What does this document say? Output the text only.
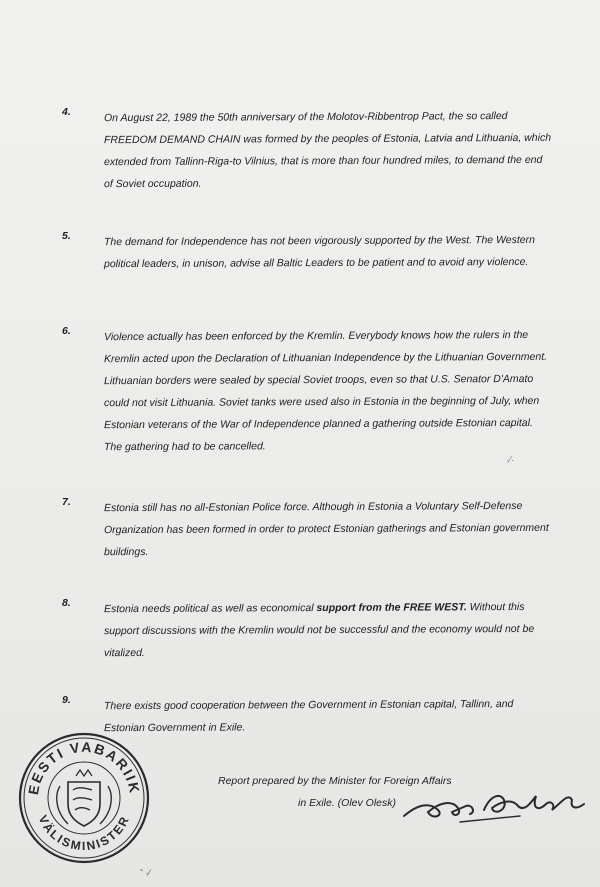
4.	On August 22, 1989 the 50th anniversary of the Molotov-Ribbentrop Pact, the so called FREEDOM DEMAND CHAIN was formed by the peoples of Estonia, Latvia and Lithuania, which extended from Tallinn-Riga-to Vilnius, that is more than four hundred miles, to demand the end of Soviet occupation.
5.	The demand for Independence has not been vigorously supported by the West. The Western political leaders, in unison, advise all Baltic Leaders to be patient and to avoid any violence.
6.	Violence actually has been enforced by the Kremlin. Everybody knows how the rulers in the Kremlin acted upon the Declaration of Lithuanian Independence by the Lithuanian Government. Lithuanian borders were sealed by special Soviet troops, even so that U.S. Senator D'Amato could not visit Lithuania. Soviet tanks were used also in Estonia in the beginning of July, when Estonian veterans of the War of Independence planned a gathering outside Estonian capital. The gathering had to be cancelled.
7.	Estonia still has no all-Estonian Police force. Although in Estonia a Voluntary Self-Defense Organization has been formed in order to protect Estonian gatherings and Estonian government buildings.
8.	Estonia needs political as well as economical support from the FREE WEST. Without this support discussions with the Kremlin would not be successful and the economy would not be vitalized.
9.	There exists good cooperation between the Government in Estonian capital, Tallinn, and Estonian Government in Exile.
Report prepared by the Minister for Foreign Affairs
in Exile. (Olev Olesk)
EESTI VABARIIK
VÄLISMINISTER
·⁄·
˜ ·⁄
